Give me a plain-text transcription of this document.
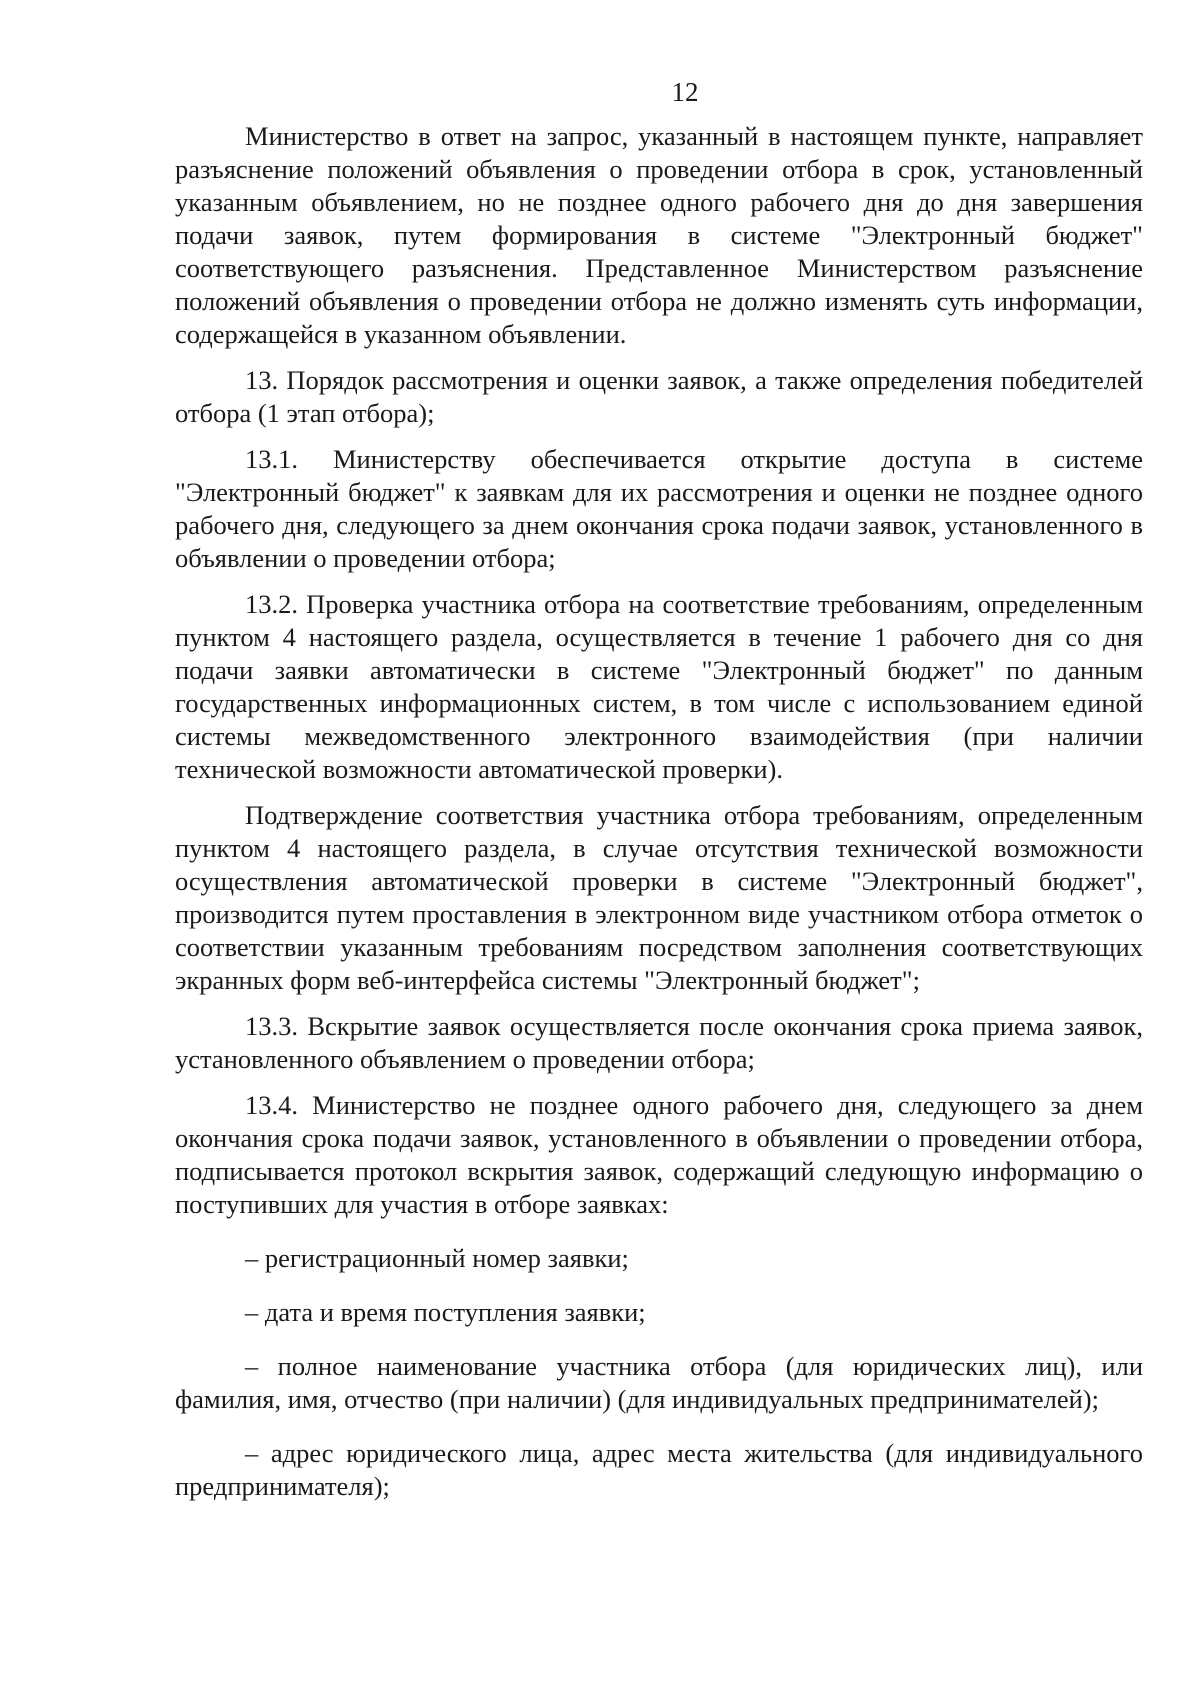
12

Министерство в ответ на запрос, указанный в настоящем пункте, направляет разъяснение положений объявления о проведении отбора в срок, установленный указанным объявлением, но не позднее одного рабочего дня до дня завершения подачи заявок, путем формирования в системе "Электронный бюджет" соответствующего разъяснения. Представленное Министерством разъяснение положений объявления о проведении отбора не должно изменять суть информации, содержащейся в указанном объявлении.

13. Порядок рассмотрения и оценки заявок, а также определения победителей отбора (1 этап отбора);

13.1. Министерству обеспечивается открытие доступа в системе "Электронный бюджет" к заявкам для их рассмотрения и оценки не позднее одного рабочего дня, следующего за днем окончания срока подачи заявок, установленного в объявлении о проведении отбора;

13.2. Проверка участника отбора на соответствие требованиям, определенным пунктом 4 настоящего раздела, осуществляется в течение 1 рабочего дня со дня подачи заявки автоматически в системе "Электронный бюджет" по данным государственных информационных систем, в том числе с использованием единой системы межведомственного электронного взаимодействия (при наличии технической возможности автоматической проверки).

Подтверждение соответствия участника отбора требованиям, определенным пунктом 4 настоящего раздела, в случае отсутствия технической возможности осуществления автоматической проверки в системе "Электронный бюджет", производится путем проставления в электронном виде участником отбора отметок о соответствии указанным требованиям посредством заполнения соответствующих экранных форм веб-интерфейса системы "Электронный бюджет";

13.3. Вскрытие заявок осуществляется после окончания срока приема заявок, установленного объявлением о проведении отбора;

13.4. Министерство не позднее одного рабочего дня, следующего за днем окончания срока подачи заявок, установленного в объявлении о проведении отбора, подписывается протокол вскрытия заявок, содержащий следующую информацию о поступивших для участия в отборе заявках:

– регистрационный номер заявки;

– дата и время поступления заявки;

– полное наименование участника отбора (для юридических лиц), или фамилия, имя, отчество (при наличии) (для индивидуальных предпринимателей);

– адрес юридического лица, адрес места жительства (для индивидуального предпринимателя);
